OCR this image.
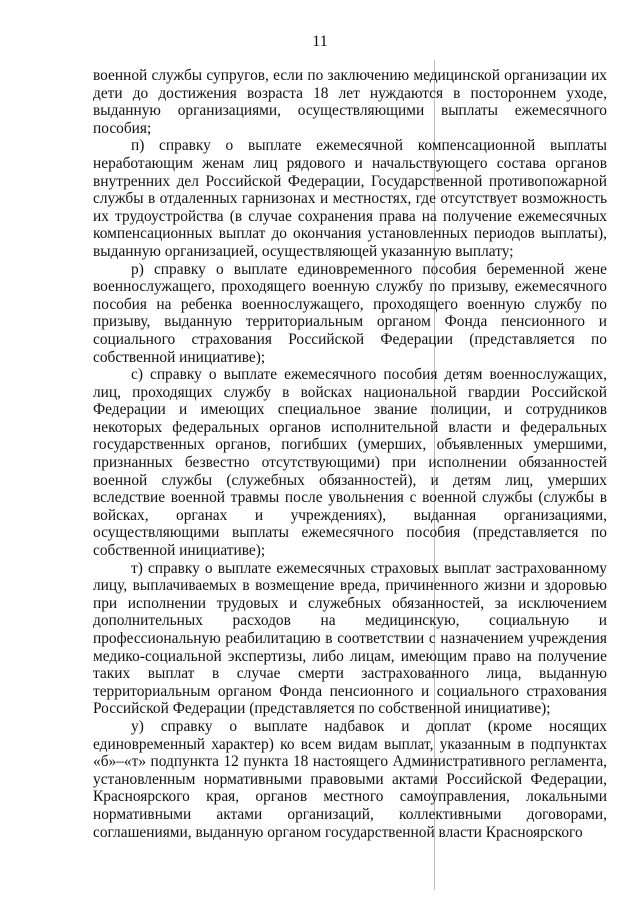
11

военной службы супругов, если по заключению медицинской организации их дети до достижения возраста 18 лет нуждаются в постороннем уходе, выданную организациями, осуществляющими выплаты ежемесячного пособия;

п) справку о выплате ежемесячной компенсационной выплаты неработающим женам лиц рядового и начальствующего состава органов внутренних дел Российской Федерации, Государственной противопожарной службы в отдаленных гарнизонах и местностях, где отсутствует возможность их трудоустройства (в случае сохранения права на получение ежемесячных компенсационных выплат до окончания установленных периодов выплаты), выданную организацией, осуществляющей указанную выплату;

р) справку о выплате единовременного пособия беременной жене военнослужащего, проходящего военную службу по призыву, ежемесячного пособия на ребенка военнослужащего, проходящего военную службу по призыву, выданную территориальным органом Фонда пенсионного и социального страхования Российской Федерации (представляется по собственной инициативе);

с) справку о выплате ежемесячного пособия детям военнослужащих, лиц, проходящих службу в войсках национальной гвардии Российской Федерации и имеющих специальное звание полиции, и сотрудников некоторых федеральных органов исполнительной власти и федеральных государственных органов, погибших (умерших, объявленных умершими, признанных безвестно отсутствующими) при исполнении обязанностей военной службы (служебных обязанностей), и детям лиц, умерших вследствие военной травмы после увольнения с военной службы (службы в войсках, органах и учреждениях), выданная организациями, осуществляющими выплаты ежемесячного пособия (представляется по собственной инициативе);

т) справку о выплате ежемесячных страховых выплат застрахованному лицу, выплачиваемых в возмещение вреда, причиненного жизни и здоровью при исполнении трудовых и служебных обязанностей, за исключением дополнительных расходов на медицинскую, социальную и профессиональную реабилитацию в соответствии с назначением учреждения медико-социальной экспертизы, либо лицам, имеющим право на получение таких выплат в случае смерти застрахованного лица, выданную территориальным органом Фонда пенсионного и социального страхования Российской Федерации (представляется по собственной инициативе);

у) справку о выплате надбавок и доплат (кроме носящих единовременный характер) ко всем видам выплат, указанным в подпунктах «б»–«т» подпункта 12 пункта 18 настоящего Административного регламента, установленным нормативными правовыми актами Российской Федерации, Красноярского края, органов местного самоуправления, локальными нормативными актами организаций, коллективными договорами, соглашениями, выданную органом государственной власти Красноярского
